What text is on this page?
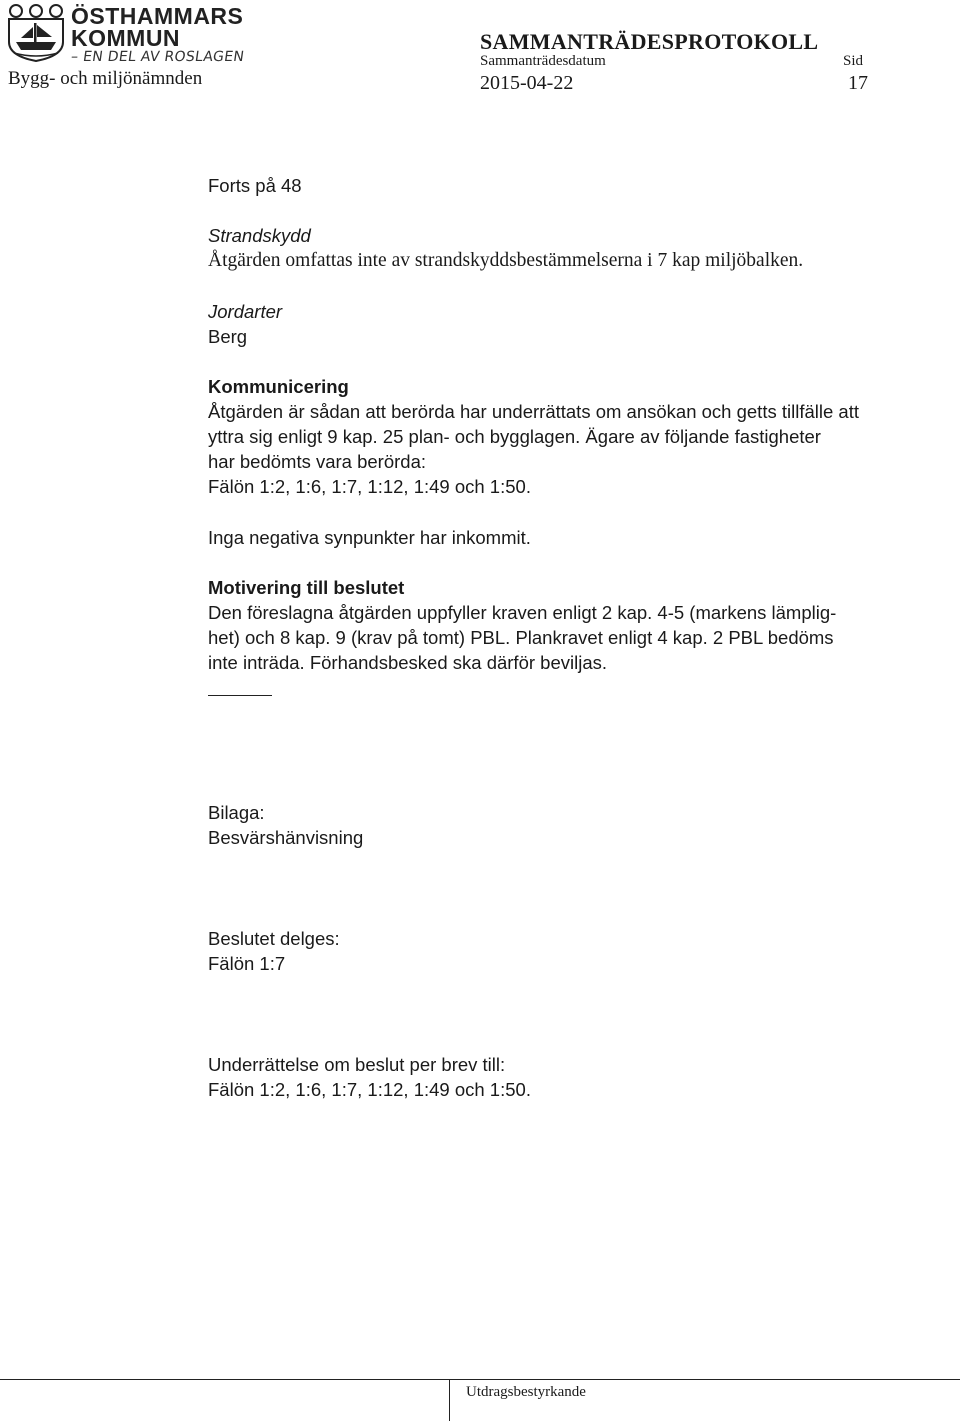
ÖSTHAMMARS
KOMMUN
– EN DEL AV ROSLAGEN
Bygg- och miljönämnden
SAMMANTRÄDESPROTOKOLL
Sammanträdesdatum	Sid
2015-04-22	17
Forts på 48
Strandskydd
Åtgärden omfattas inte av strandskyddsbestämmelserna i 7 kap miljöbalken.
Jordarter
Berg
Kommunicering
Åtgärden är sådan att berörda har underrättats om ansökan och getts tillfälle att
yttra sig enligt 9 kap. 25 plan- och bygglagen. Ägare av följande fastigheter
har bedömts vara berörda:
Fälön 1:2, 1:6, 1:7, 1:12, 1:49 och 1:50.
Inga negativa synpunkter har inkommit.
Motivering till beslutet
Den föreslagna åtgärden uppfyller kraven enligt 2 kap. 4-5 (markens lämplig-
het) och 8 kap. 9 (krav på tomt) PBL. Plankravet enligt 4 kap. 2 PBL bedöms
inte inträda. Förhandsbesked ska därför beviljas.
Bilaga:
Besvärshänvisning
Beslutet delges:
Fälön 1:7
Underrättelse om beslut per brev till:
Fälön 1:2, 1:6, 1:7, 1:12, 1:49 och 1:50.
Utdragsbestyrkande
